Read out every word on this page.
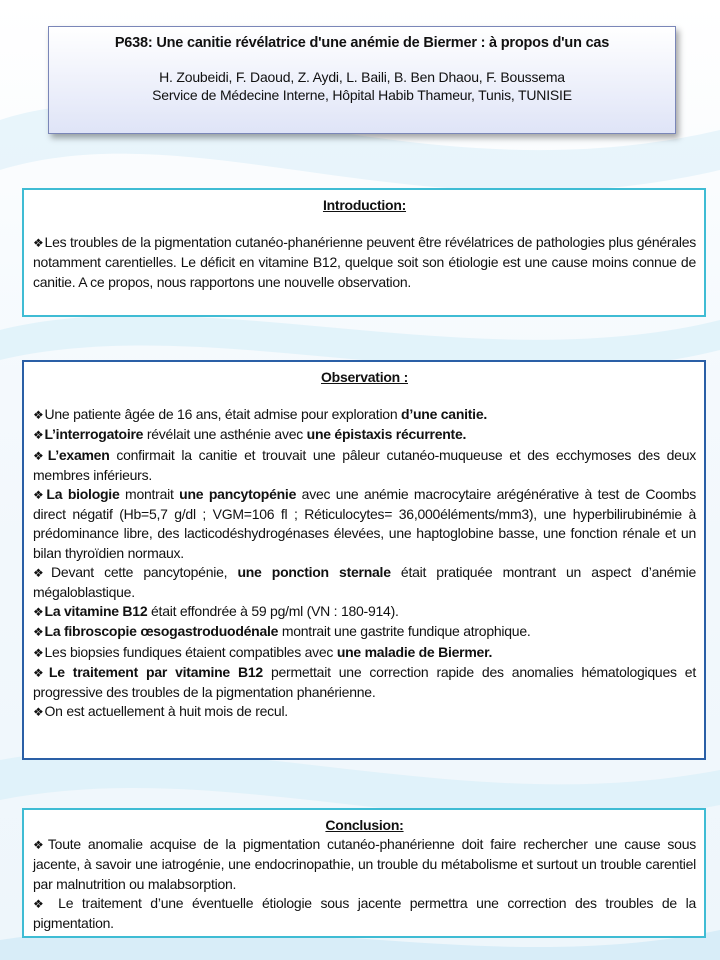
P638: Une canitie révélatrice d'une anémie de Biermer : à propos d'un cas
H. Zoubeidi, F. Daoud, Z. Aydi, L. Baili, B. Ben Dhaou, F. Boussema
Service de Médecine Interne, Hôpital Habib Thameur, Tunis, TUNISIE
Introduction:
❖ Les troubles de la pigmentation cutanéo-phanérienne peuvent être révélatrices de pathologies plus générales notamment carentielles. Le déficit en vitamine B12, quelque soit son étiologie est une cause moins connue de canitie. A ce propos, nous rapportons une nouvelle observation.
Observation :
❖ Une patiente âgée de 16 ans, était admise pour exploration d’une canitie.
❖ L’interrogatoire révélait une asthénie avec une épistaxis récurrente.
❖ L’examen confirmait la canitie et trouvait une pâleur cutanéo-muqueuse et des ecchymoses des deux membres inférieurs.
❖ La biologie montrait une pancytopénie avec une anémie macrocytaire arégénérative à test de Coombs direct négatif (Hb=5,7 g/dl ; VGM=106 fl ; Réticulocytes= 36,000éléments/mm3), une hyperbilirubinémie à prédominance libre, des lacticodéshydrogénases élevées, une haptoglobine basse, une fonction rénale et un bilan thyroïdien normaux.
❖ Devant cette pancytopénie, une ponction sternale était pratiquée montrant un aspect d’anémie mégaloblastique.
❖ La vitamine B12 était effondrée à 59 pg/ml (VN : 180-914).
❖ La fibroscopie œsogastroduodénale montrait une gastrite fundique atrophique.
❖ Les biopsies fundiques étaient compatibles avec une maladie de Biermer.
❖ Le traitement par vitamine B12 permettait une correction rapide des anomalies hématologiques et progressive des troubles de la pigmentation phanérienne.
❖ On est actuellement à huit mois de recul.
Conclusion:
❖ Toute anomalie acquise de la pigmentation cutanéo-phanérienne doit faire rechercher une cause sous jacente, à savoir une iatrogénie, une endocrinopathie, un trouble du métabolisme et surtout un trouble carentiel par malnutrition ou malabsorption.
❖ Le traitement d’une éventuelle étiologie sous jacente permettra une correction des troubles de la pigmentation.
